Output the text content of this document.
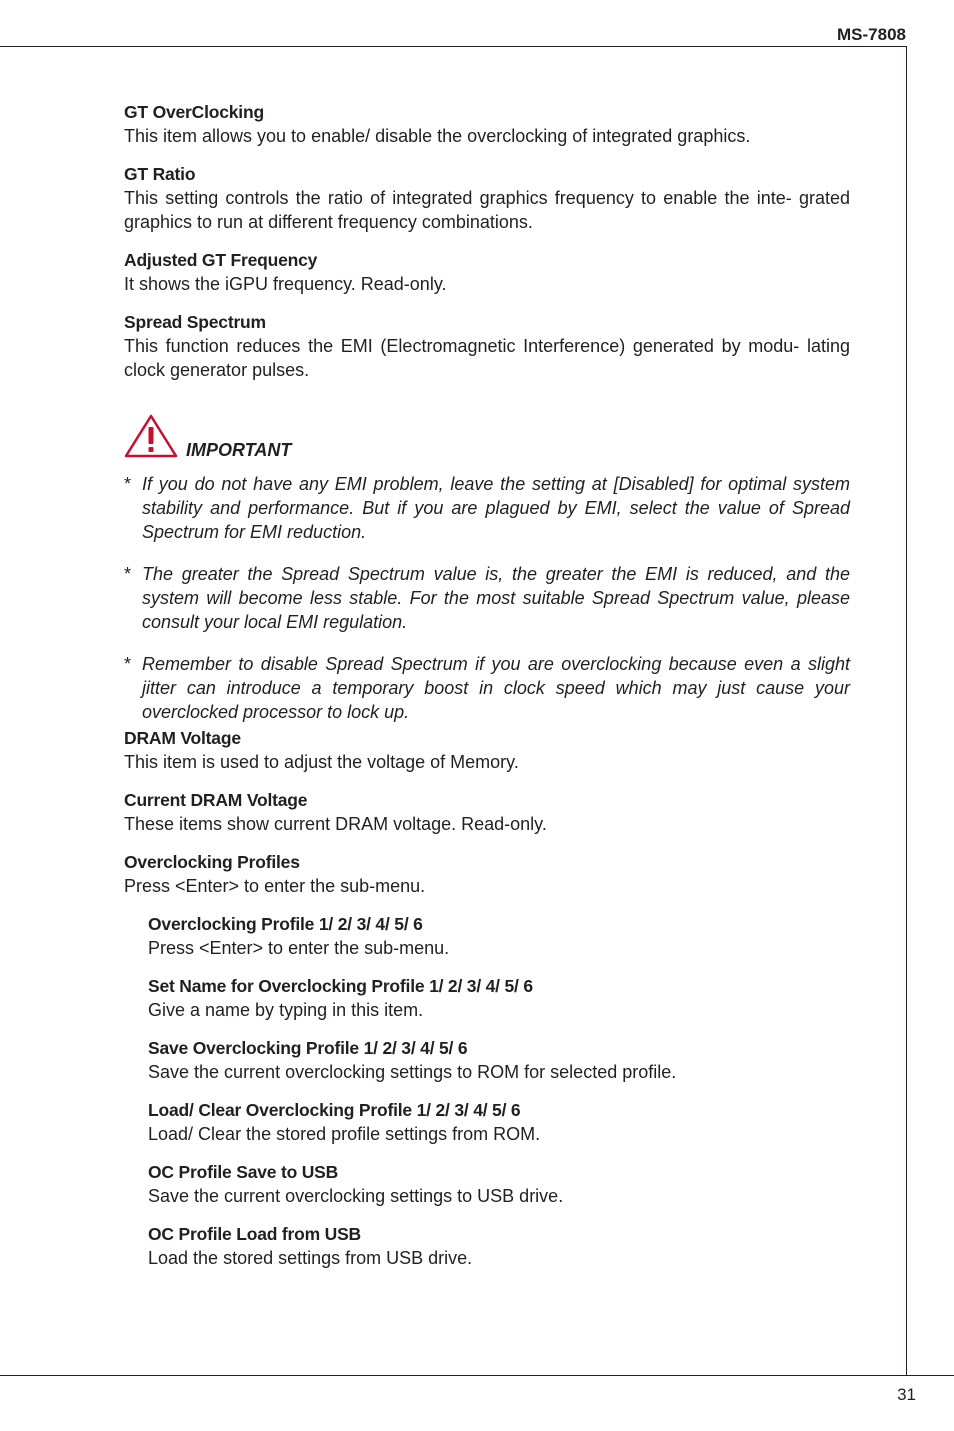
MS-7808
31
GT OverClocking
This item allows you to enable/ disable the overclocking of integrated graphics.
GT Ratio
This setting controls the ratio of integrated graphics frequency to enable the inte- grated graphics to run at different frequency combinations.
Adjusted GT Frequency
It shows the iGPU frequency. Read-only.
Spread Spectrum
This function reduces the EMI (Electromagnetic Interference) generated by modu- lating clock generator pulses.
IMPORTANT
* If you do not have any EMI problem, leave the setting at [Disabled] for optimal system stability and performance. But if you are plagued by EMI, select the value of Spread Spectrum for EMI reduction.
* The greater the Spread Spectrum value is, the greater the EMI is reduced, and the system will become less stable. For the most suitable Spread Spectrum value, please consult your local EMI regulation.
* Remember to disable Spread Spectrum if you are overclocking because even a slight jitter can introduce a temporary boost in clock speed which may just cause your overclocked processor to lock up.
DRAM Voltage
This item is used to adjust the voltage of Memory.
Current DRAM Voltage
These items show current DRAM voltage. Read-only.
Overclocking Profiles
Press <Enter> to enter the sub-menu.
Overclocking Profile 1/ 2/ 3/ 4/ 5/ 6
Press <Enter> to enter the sub-menu.
Set Name for Overclocking Profile 1/ 2/ 3/ 4/ 5/ 6
Give a name by typing in this item.
Save Overclocking Profile 1/ 2/ 3/ 4/ 5/ 6
Save the current overclocking settings to ROM for selected profile.
Load/ Clear Overclocking Profile 1/ 2/ 3/ 4/ 5/ 6
Load/ Clear the stored profile settings from ROM.
OC Profile Save to USB
Save the current overclocking settings to USB drive.
OC Profile Load from USB
Load the stored settings from USB drive.
